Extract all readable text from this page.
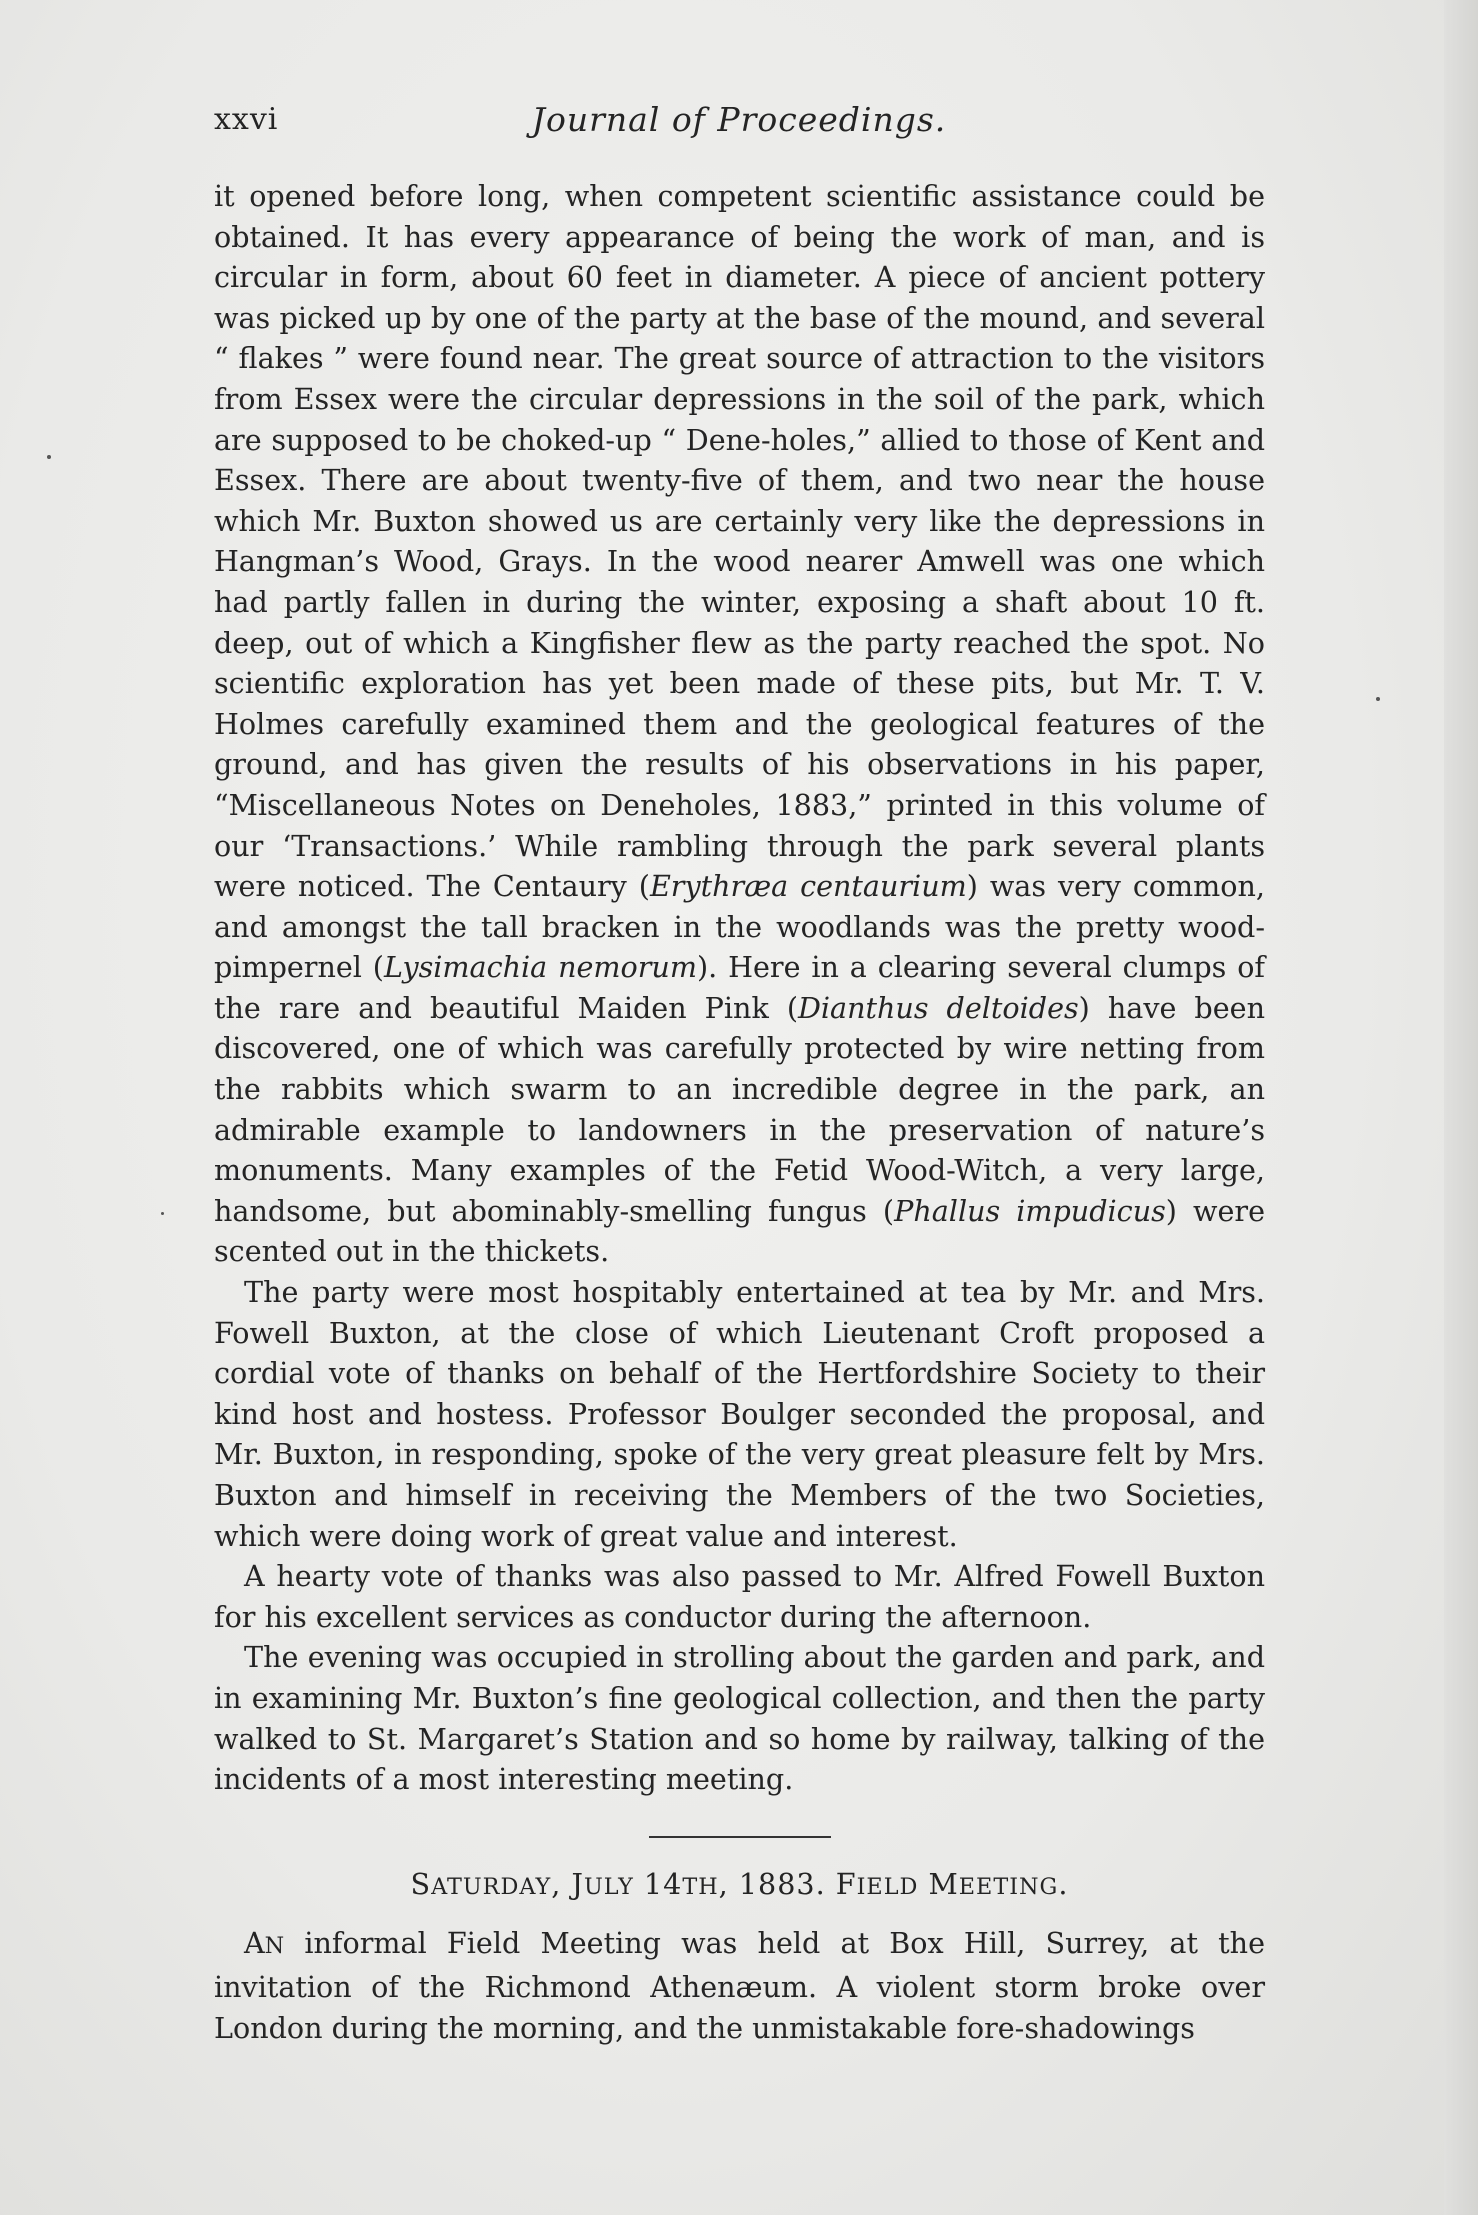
xxvi	Journal of Proceedings.

it opened before long, when competent scientific assistance could be obtained. It has every appearance of being the work of man, and is circular in form, about 60 feet in diameter. A piece of ancient pottery was picked up by one of the party at the base of the mound, and several “ flakes ” were found near. The great source of attraction to the visitors from Essex were the circular depressions in the soil of the park, which are supposed to be choked-up “ Dene-holes,” allied to those of Kent and Essex. There are about twenty-five of them, and two near the house which Mr. Buxton showed us are certainly very like the depressions in Hangman’s Wood, Grays. In the wood nearer Amwell was one which had partly fallen in during the winter, exposing a shaft about 10 ft. deep, out of which a Kingfisher flew as the party reached the spot. No scientific exploration has yet been made of these pits, but Mr. T. V. Holmes carefully examined them and the geological features of the ground, and has given the results of his observations in his paper, “Miscellaneous Notes on Deneholes, 1883,” printed in this volume of our ‘Transactions.’ While rambling through the park several plants were noticed. The Centaury (Erythræa centaurium) was very common, and amongst the tall bracken in the woodlands was the pretty wood-pimpernel (Lysimachia nemorum). Here in a clearing several clumps of the rare and beautiful Maiden Pink (Dianthus deltoides) have been discovered, one of which was carefully protected by wire netting from the rabbits which swarm to an incredible degree in the park, an admirable example to landowners in the preservation of nature’s monuments. Many examples of the Fetid Wood-Witch, a very large, handsome, but abominably-smelling fungus (Phallus impudicus) were scented out in the thickets.

The party were most hospitably entertained at tea by Mr. and Mrs. Fowell Buxton, at the close of which Lieutenant Croft proposed a cordial vote of thanks on behalf of the Hertfordshire Society to their kind host and hostess. Professor Boulger seconded the proposal, and Mr. Buxton, in responding, spoke of the very great pleasure felt by Mrs. Buxton and himself in receiving the Members of the two Societies, which were doing work of great value and interest.

A hearty vote of thanks was also passed to Mr. Alfred Fowell Buxton for his excellent services as conductor during the afternoon.

The evening was occupied in strolling about the garden and park, and in examining Mr. Buxton’s fine geological collection, and then the party walked to St. Margaret’s Station and so home by railway, talking of the incidents of a most interesting meeting.

SATURDAY, JULY 14TH, 1883. FIELD MEETING.

AN informal Field Meeting was held at Box Hill, Surrey, at the invitation of the Richmond Athenæum. A violent storm broke over London during the morning, and the unmistakable fore-shadowings
